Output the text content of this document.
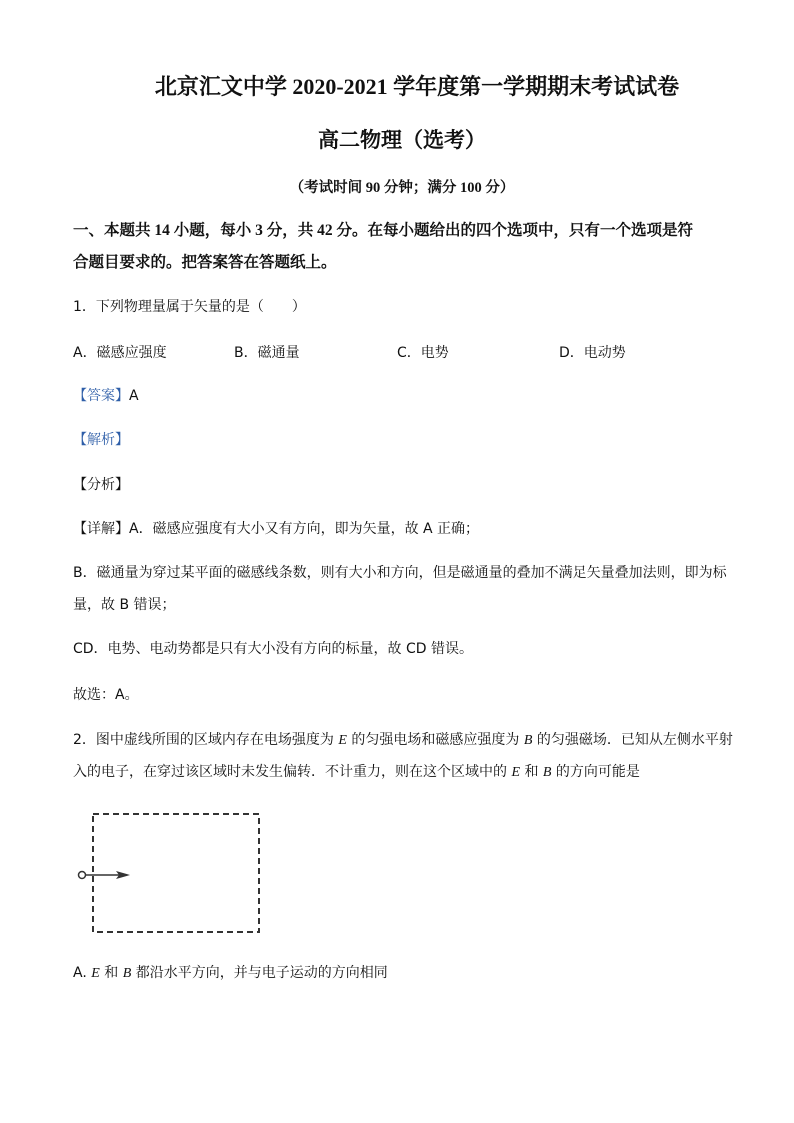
北京汇文中学 2020-2021 学年度第一学期期末考试试卷
高二物理（选考）
（考试时间 90 分钟；满分 100 分）
一、本题共 14 小题，每小 3 分，共 42 分。在每小题给出的四个选项中，只有一个选项是符
合题目要求的。把答案答在答题纸上。
1．下列物理量属于矢量的是（　　）
A．磁感应强度	B．磁通量	C．电势	D．电动势
【答案】A
【解析】
【分析】
【详解】A．磁感应强度有大小又有方向，即为矢量，故 A 正确；
B．磁通量为穿过某平面的磁感线条数，则有大小和方向，但是磁通量的叠加不满足矢量叠加法则，即为标
量，故 B 错误；
CD．电势、电动势都是只有大小没有方向的标量，故 CD 错误。
故选：A。
2．图中虚线所围的区域内存在电场强度为 E 的匀强电场和磁感应强度为 B 的匀强磁场．已知从左侧水平射
入的电子，在穿过该区域时未发生偏转．不计重力，则在这个区域中的 E 和 B 的方向可能是
A. E 和 B 都沿水平方向，并与电子运动的方向相同
